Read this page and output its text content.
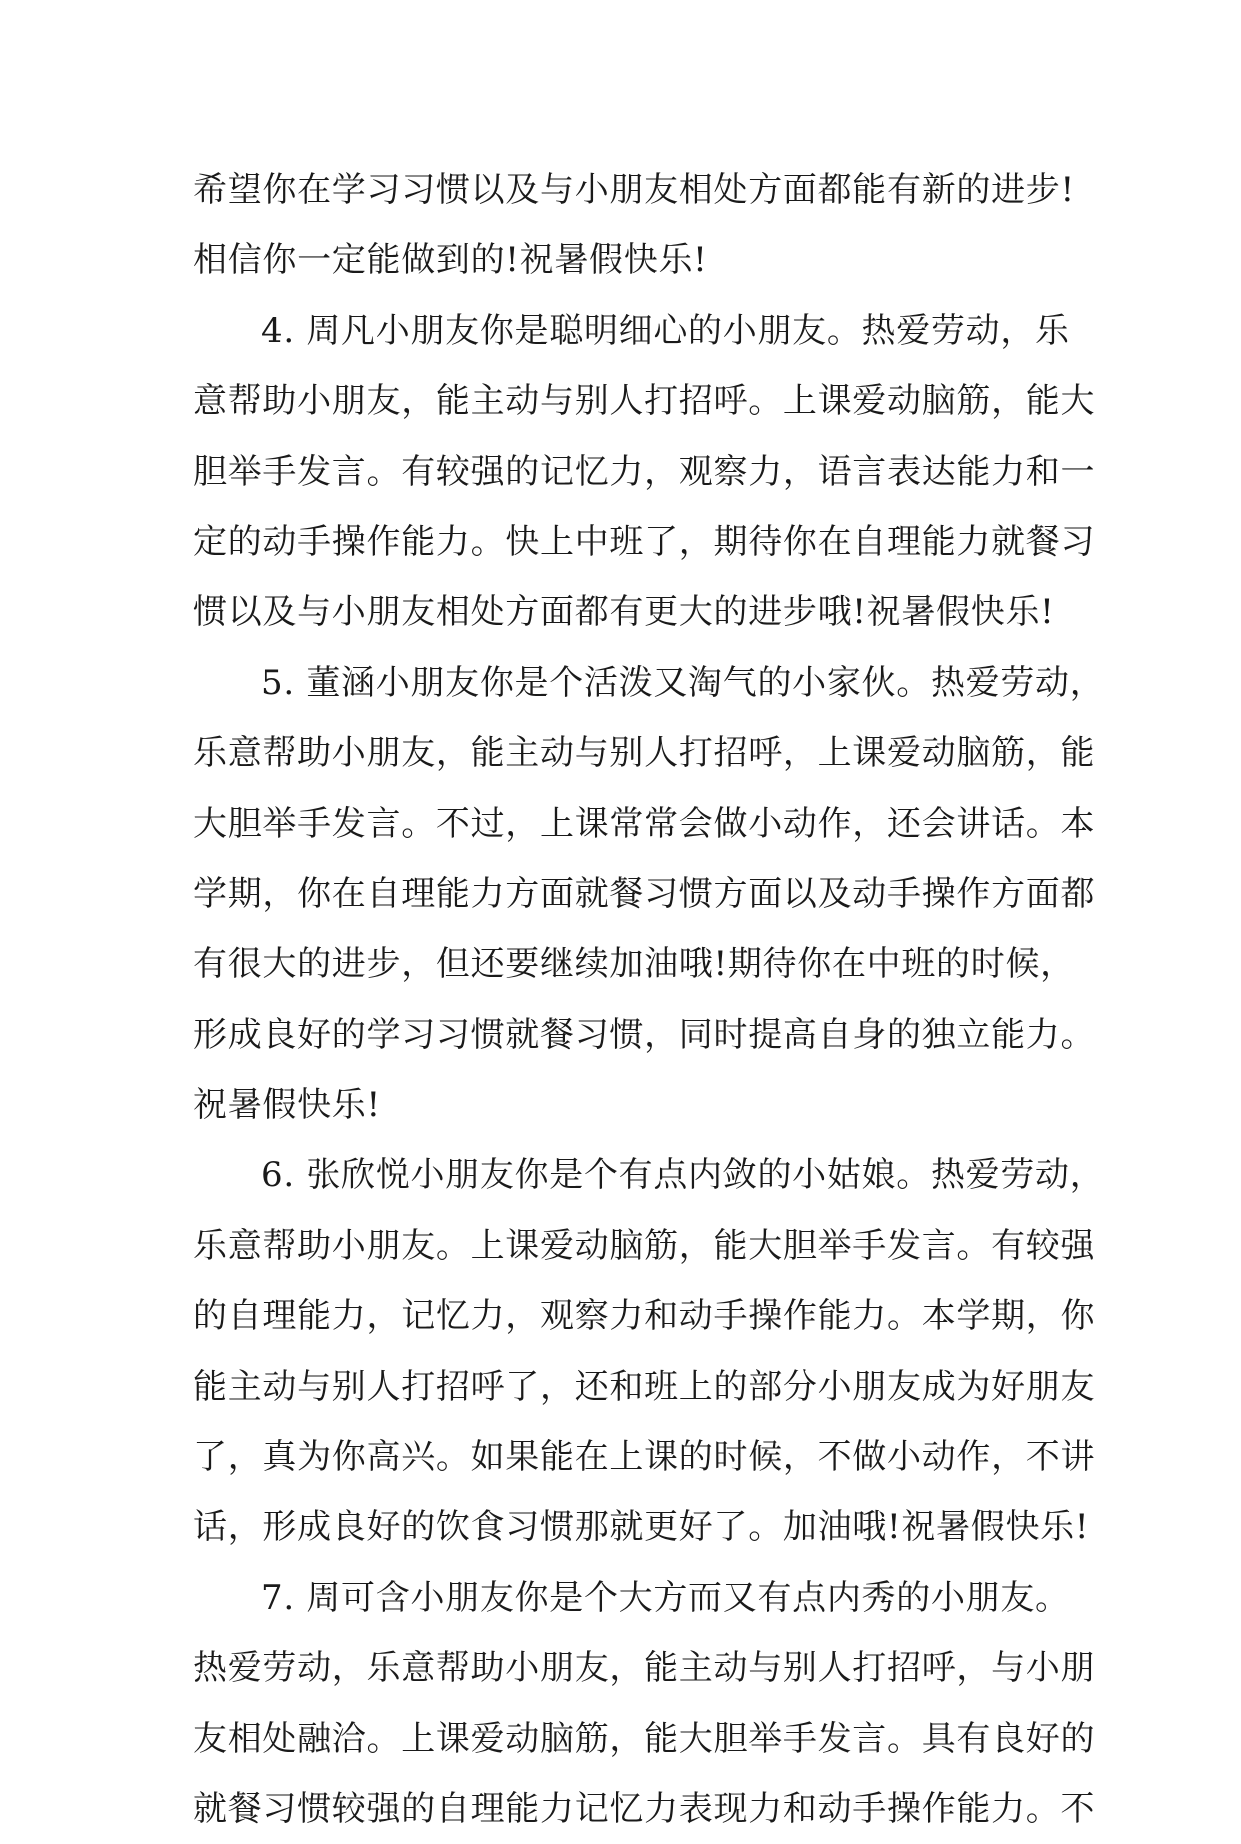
希望你在学习习惯以及与小朋友相处方面都能有新的进步!
相信你一定能做到的!祝暑假快乐!
4. 周凡小朋友你是聪明细心的小朋友。热爱劳动，乐
意帮助小朋友，能主动与别人打招呼。上课爱动脑筋，能大
胆举手发言。有较强的记忆力，观察力，语言表达能力和一
定的动手操作能力。快上中班了，期待你在自理能力就餐习
惯以及与小朋友相处方面都有更大的进步哦!祝暑假快乐!
5. 董涵小朋友你是个活泼又淘气的小家伙。热爱劳动，
乐意帮助小朋友，能主动与别人打招呼，上课爱动脑筋，能
大胆举手发言。不过，上课常常会做小动作，还会讲话。本
学期，你在自理能力方面就餐习惯方面以及动手操作方面都
有很大的进步，但还要继续加油哦!期待你在中班的时候，
形成良好的学习习惯就餐习惯，同时提高自身的独立能力。
祝暑假快乐!
6. 张欣悦小朋友你是个有点内敛的小姑娘。热爱劳动，
乐意帮助小朋友。上课爱动脑筋，能大胆举手发言。有较强
的自理能力，记忆力，观察力和动手操作能力。本学期，你
能主动与别人打招呼了，还和班上的部分小朋友成为好朋友
了，真为你高兴。如果能在上课的时候，不做小动作，不讲
话，形成良好的饮食习惯那就更好了。加油哦!祝暑假快乐!
7. 周可含小朋友你是个大方而又有点内秀的小朋友。
热爱劳动，乐意帮助小朋友，能主动与别人打招呼，与小朋
友相处融洽。上课爱动脑筋，能大胆举手发言。具有良好的
就餐习惯较强的自理能力记忆力表现力和动手操作能力。不
